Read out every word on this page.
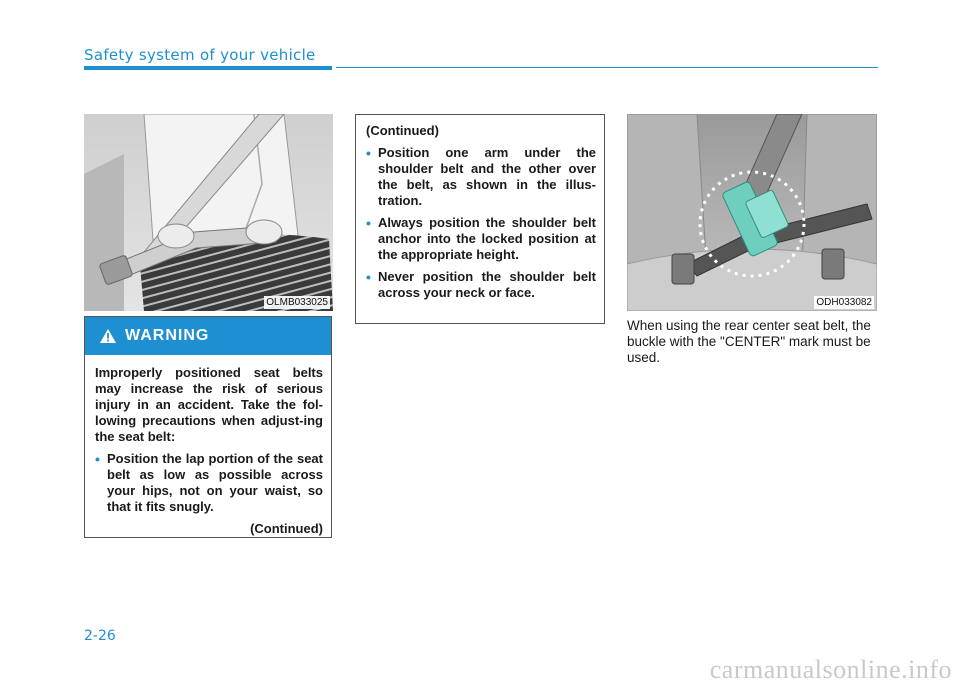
Safety system of your vehicle
OLMB033025
WARNING

Improperly positioned seat belts may increase the risk of serious injury in an accident. Take the fol-lowing precautions when adjust-ing the seat belt:

• Position the lap portion of the seat belt as low as possible across your hips, not on your waist, so that it fits snugly.
(Continued)

(Continued)

• Position one arm under the shoulder belt and the other over the belt, as shown in the illus-tration.
• Always position the shoulder belt anchor into the locked position at the appropriate height.
• Never position the shoulder belt across your neck or face.
ODH033082
When using the rear center seat belt, the buckle with the "CENTER" mark must be used.
2-26
carmanualsonline.info
